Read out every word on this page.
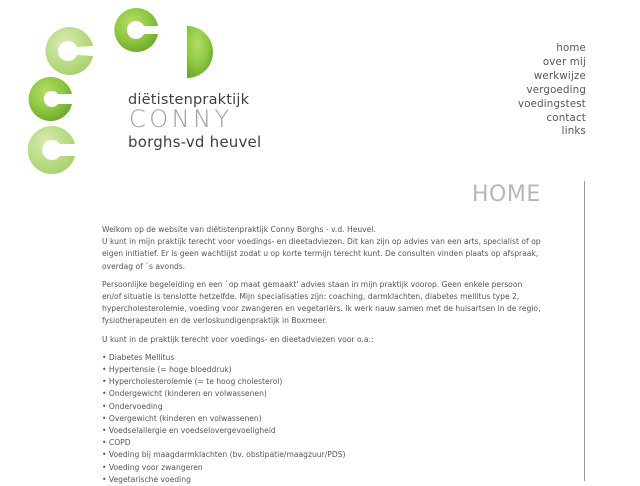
diëtistenpraktijk
CONNY
borghs-vd heuvel
home
over mij
werkwijze
vergoeding
voedingstest
contact
links
HOME

Welkom op de website van diëtistenpraktijk Conny Borghs - v.d. Heuvel.
U kunt in mijn praktijk terecht voor voedings- en dieetadviezen. Dit kan zijn op advies van een arts, specialist of op eigen initiatief. Er is geen wachtlijst zodat u op korte termijn terecht kunt. De consulten vinden plaats op afspraak, overdag of `s avonds.

Persoonlijke begeleiding en een `op maat gemaakt' advies staan in mijn praktijk voorop. Geen enkele persoon en/of situatie is tenslotte hetzelfde. Mijn specialisaties zijn: coaching, darmklachten, diabetes mellitus type 2, hypercholesterolemie, voeding voor zwangeren en vegetariërs. Ik werk nauw samen met de huisartsen in de regio, fysiotherapeuten en de verloskundigenpraktijk in Boxmeer.

U kunt in de praktijk terecht voor voedings- en dieetadviezen voor o.a.:

• Diabetes Mellitus
• Hypertensie (= hoge bloeddruk)
• Hypercholesterolemie (= te hoog cholesterol)
• Ondergewicht (kinderen en volwassenen)
• Ondervoeding
• Overgewicht (kinderen en volwassenen)
• Voedselallergie en voedselovergevoeligheid
• COPD
• Voeding bij maagdarmklachten (bv. obstipatie/maagzuur/PDS)
• Voeding voor zwangeren
• Vegetarische voeding
